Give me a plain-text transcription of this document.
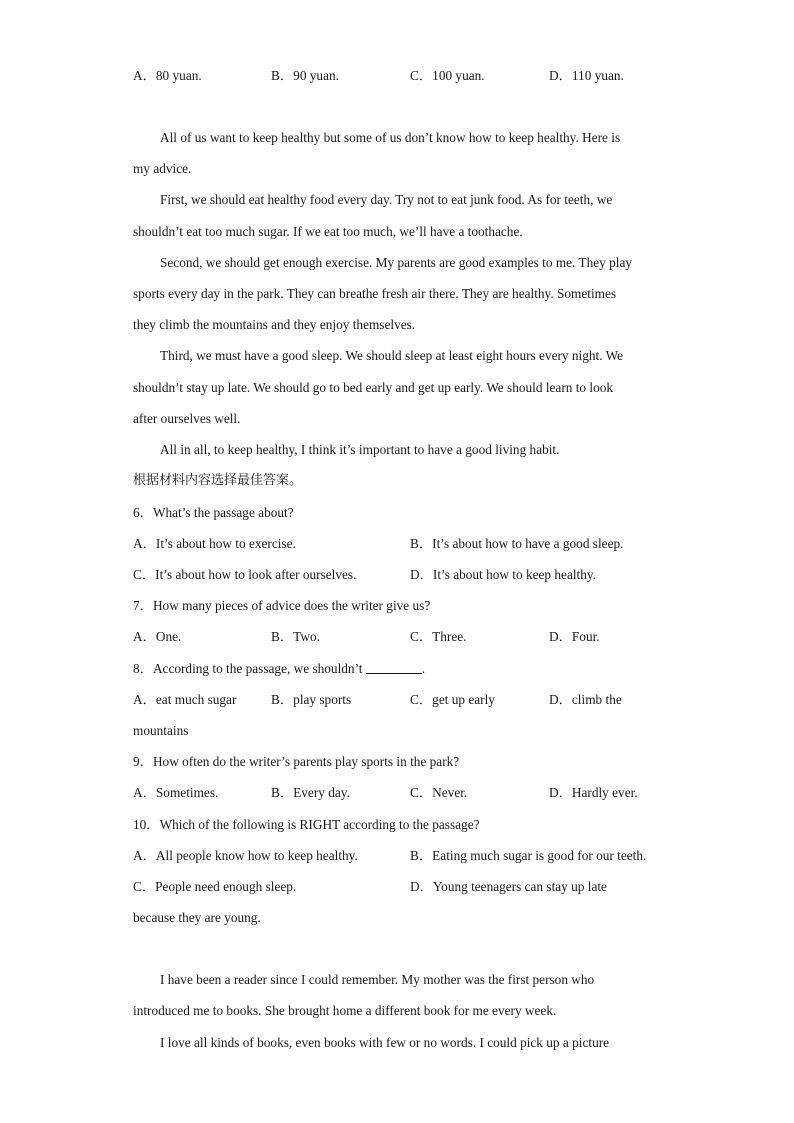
A．80 yuan.	B．90 yuan.	C．100 yuan.	D．110 yuan.
All of us want to keep healthy but some of us don’t know how to keep healthy. Here is
my advice.
First, we should eat healthy food every day. Try not to eat junk food. As for teeth, we
shouldn’t eat too much sugar. If we eat too much, we’ll have a toothache.
Second, we should get enough exercise. My parents are good examples to me. They play
sports every day in the park. They can breathe fresh air there. They are healthy. Sometimes
they climb the mountains and they enjoy themselves.
Third, we must have a good sleep. We should sleep at least eight hours every night. We
shouldn’t stay up late. We should go to bed early and get up early. We should learn to look
after ourselves well.
All in all, to keep healthy, I think it’s important to have a good living habit.
根据材料内容选择最佳答案。
6．What’s the passage about?
A．It’s about how to exercise.	B．It’s about how to have a good sleep.
C．It’s about how to look after ourselves.	D．It’s about how to keep healthy.
7．How many pieces of advice does the writer give us?
A．One.	B．Two.	C．Three.	D．Four.
8．According to the passage, we shouldn’t	.
A．eat much sugar	B．play sports	C．get up early	D．climb the
mountains
9．How often do the writer’s parents play sports in the park?
A．Sometimes.	B．Every day.	C．Never.	D．Hardly ever.
10．Which of the following is RIGHT according to the passage?
A．All people know how to keep healthy.	B．Eating much sugar is good for our teeth.
C．People need enough sleep.	D．Young teenagers can stay up late
because they are young.
I have been a reader since I could remember. My mother was the first person who
introduced me to books. She brought home a different book for me every week.
I love all kinds of books, even books with few or no words. I could pick up a picture
